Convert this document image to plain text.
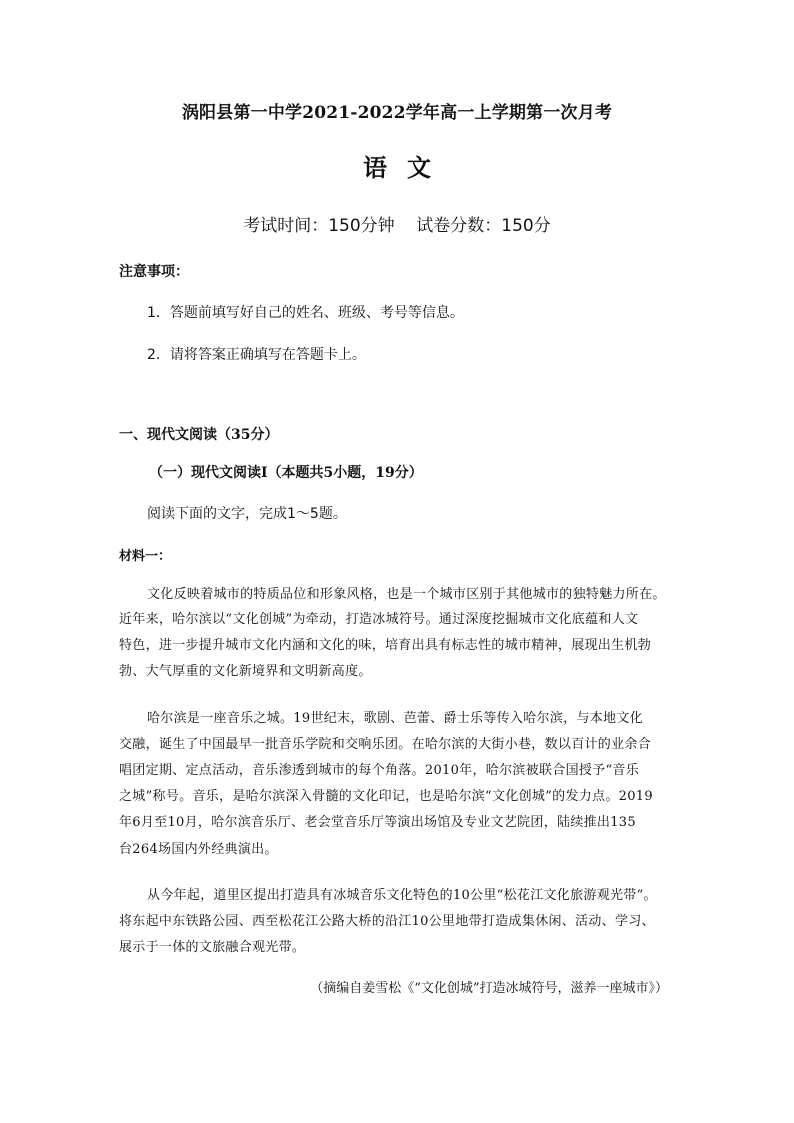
涡阳县第一中学2021-2022学年高一上学期第一次月考
语文
考试时间：150分钟    试卷分数：150分
注意事项：
1．答题前填写好自己的姓名、班级、考号等信息。
2．请将答案正确填写在答题卡上。
一、现代文阅读（35分）
（一）现代文阅读Ⅰ（本题共5小题，19分）
阅读下面的文字，完成1～5题。
材料一：
文化反映着城市的特质品位和形象风格，也是一个城市区别于其他城市的独特魅力所在。
近年来，哈尔滨以“文化创城”为牵动，打造冰城符号。通过深度挖掘城市文化底蕴和人文
特色，进一步提升城市文化内涵和文化的味，培育出具有标志性的城市精神，展现出生机勃
勃、大气厚重的文化新境界和文明新高度。
哈尔滨是一座音乐之城。19世纪末，歌剧、芭蕾、爵士乐等传入哈尔滨，与本地文化
交融，诞生了中国最早一批音乐学院和交响乐团。在哈尔滨的大街小巷，数以百计的业余合
唱团定期、定点活动，音乐渗透到城市的每个角落。2010年，哈尔滨被联合国授予“音乐
之城”称号。音乐，是哈尔滨深入骨髓的文化印记，也是哈尔滨“文化创城”的发力点。2019
年6月至10月，哈尔滨音乐厅、老会堂音乐厅等演出场馆及专业文艺院团，陆续推出135
台264场国内外经典演出。
从今年起，道里区提出打造具有冰城音乐文化特色的10公里“松花江文化旅游观光带”。
将东起中东铁路公园、西至松花江公路大桥的沿江10公里地带打造成集休闲、活动、学习、
展示于一体的文旅融合观光带。
（摘编自姜雪松《“文化创城”打造冰城符号，滋养一座城市》）
